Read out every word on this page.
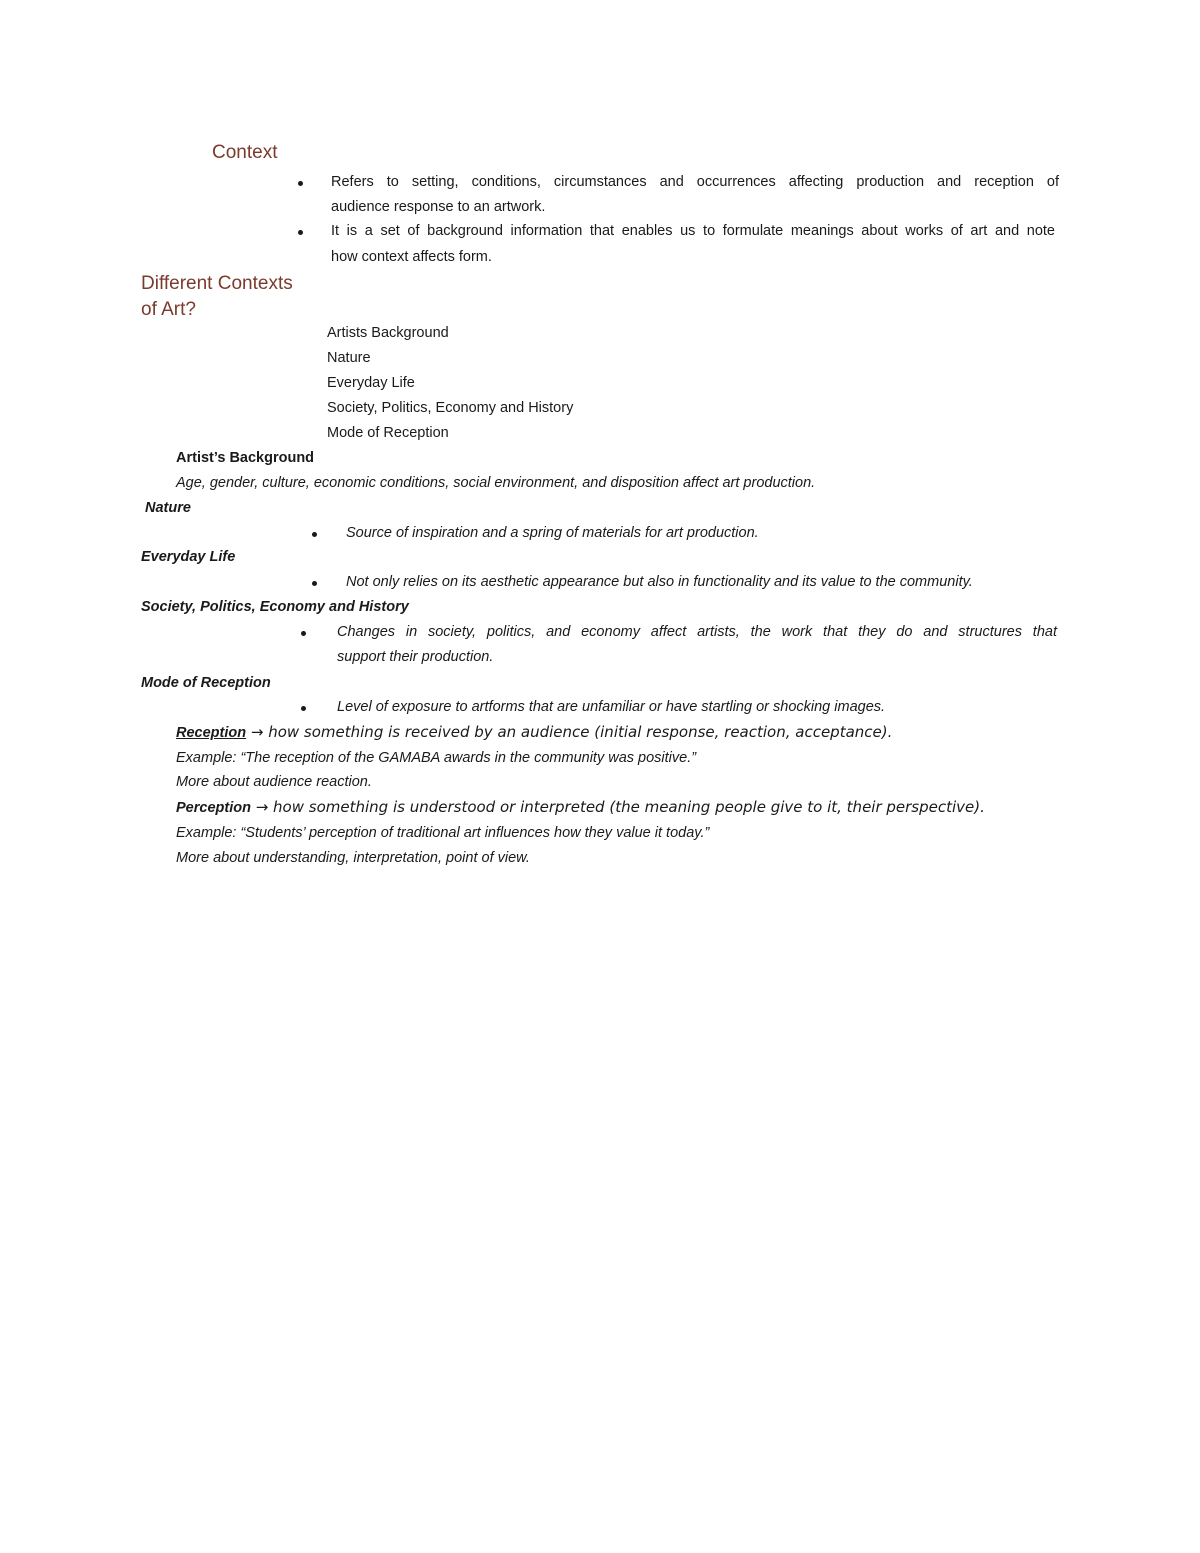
Context
Refers to setting, conditions, circumstances and occurrences affecting production and reception of
audience response to an artwork.
It is a set of background information that enables us to formulate meanings about works of art and note
how context affects form.
Different Contexts
of Art?
Artists Background
Nature
Everyday Life
Society, Politics, Economy and History
Mode of Reception
Artist’s Background
Age, gender, culture, economic conditions, social environment, and disposition affect art production.
Nature
Source of inspiration and a spring of materials for art production.
Everyday Life
Not only relies on its aesthetic appearance but also in functionality and its value to the community.
Society, Politics, Economy and History
Changes in society, politics, and economy affect artists, the work that they do and structures that
support their production.
Mode of Reception
Level of exposure to artforms that are unfamiliar or have startling or shocking images.
Reception → how something is received by an audience (initial response, reaction, acceptance).
Example: “The reception of the GAMABA awards in the community was positive.”
More about audience reaction.
Perception → how something is understood or interpreted (the meaning people give to it, their perspective).
Example: “Students’ perception of traditional art influences how they value it today.”
More about understanding, interpretation, point of view.
